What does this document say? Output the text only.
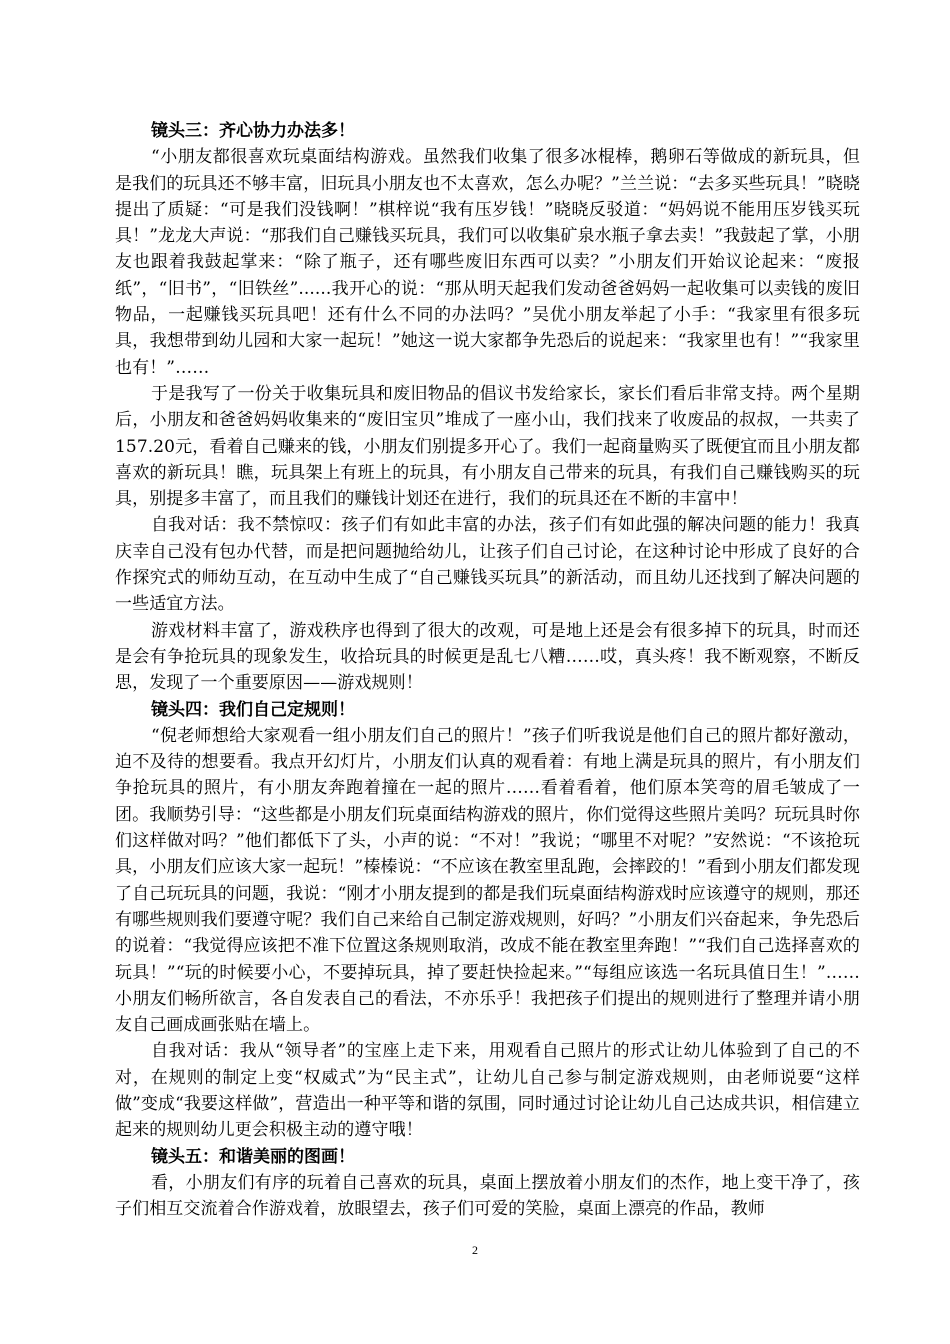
镜头三：齐心协力办法多！

“小朋友都很喜欢玩桌面结构游戏。虽然我们收集了很多冰棍棒，鹅卵石等做成的新玩具，但是我们的玩具还不够丰富，旧玩具小朋友也不太喜欢，怎么办呢？”兰兰说：“去多买些玩具！”晓晓提出了质疑：“可是我们没钱啊！”棋梓说“我有压岁钱！”晓晓反驳道：“妈妈说不能用压岁钱买玩具！”龙龙大声说：“那我们自己赚钱买玩具，我们可以收集矿泉水瓶子拿去卖！”我鼓起了掌，小朋友也跟着我鼓起掌来：“除了瓶子，还有哪些废旧东西可以卖？”小朋友们开始议论起来：“废报纸”，“旧书”，“旧铁丝”......我开心的说：“那从明天起我们发动爸爸妈妈一起收集可以卖钱的废旧物品，一起赚钱买玩具吧！还有什么不同的办法吗？”吴优小朋友举起了小手：“我家里有很多玩具，我想带到幼儿园和大家一起玩！”她这一说大家都争先恐后的说起来：“我家里也有！”“我家里也有！”……

于是我写了一份关于收集玩具和废旧物品的倡议书发给家长，家长们看后非常支持。两个星期后，小朋友和爸爸妈妈收集来的“废旧宝贝”堆成了一座小山，我们找来了收废品的叔叔，一共卖了157.20元，看着自己赚来的钱，小朋友们别提多开心了。我们一起商量购买了既便宜而且小朋友都喜欢的新玩具！瞧，玩具架上有班上的玩具，有小朋友自己带来的玩具，有我们自己赚钱购买的玩具，别提多丰富了，而且我们的赚钱计划还在进行，我们的玩具还在不断的丰富中！

自我对话：我不禁惊叹：孩子们有如此丰富的办法，孩子们有如此强的解决问题的能力！我真庆幸自己没有包办代替，而是把问题抛给幼儿，让孩子们自己讨论，在这种讨论中形成了良好的合作探究式的师幼互动，在互动中生成了“自己赚钱买玩具”的新活动，而且幼儿还找到了解决问题的一些适宜方法。

游戏材料丰富了，游戏秩序也得到了很大的改观，可是地上还是会有很多掉下的玩具，时而还是会有争抢玩具的现象发生，收拾玩具的时候更是乱七八糟……哎，真头疼！我不断观察，不断反思，发现了一个重要原因——游戏规则！

镜头四：我们自己定规则！

“倪老师想给大家观看一组小朋友们自己的照片！”孩子们听我说是他们自己的照片都好激动，迫不及待的想要看。我点开幻灯片，小朋友们认真的观看着：有地上满是玩具的照片，有小朋友们争抢玩具的照片，有小朋友奔跑着撞在一起的照片……看着看着，他们原本笑弯的眉毛皱成了一团。我顺势引导：“这些都是小朋友们玩桌面结构游戏的照片，你们觉得这些照片美吗？玩玩具时你们这样做对吗？”他们都低下了头，小声的说：“不对！”我说；“哪里不对呢？”安然说：“不该抢玩具，小朋友们应该大家一起玩！”榛榛说：“不应该在教室里乱跑，会摔跤的！”看到小朋友们都发现了自己玩玩具的问题，我说：“刚才小朋友提到的都是我们玩桌面结构游戏时应该遵守的规则，那还有哪些规则我们要遵守呢？我们自己来给自己制定游戏规则，好吗？”小朋友们兴奋起来，争先恐后的说着：“我觉得应该把不准下位置这条规则取消，改成不能在教室里奔跑！”“我们自己选择喜欢的玩具！”“玩的时候要小心，不要掉玩具，掉了要赶快捡起来。”“每组应该选一名玩具值日生！”……小朋友们畅所欲言，各自发表自己的看法，不亦乐乎！我把孩子们提出的规则进行了整理并请小朋友自己画成画张贴在墙上。

自我对话：我从“领导者”的宝座上走下来，用观看自己照片的形式让幼儿体验到了自己的不对，在规则的制定上变“权威式”为“民主式”，让幼儿自己参与制定游戏规则，由老师说要“这样做”变成“我要这样做”，营造出一种平等和谐的氛围，同时通过讨论让幼儿自己达成共识，相信建立起来的规则幼儿更会积极主动的遵守哦！

镜头五：和谐美丽的图画！

看，小朋友们有序的玩着自己喜欢的玩具，桌面上摆放着小朋友们的杰作，地上变干净了，孩子们相互交流着合作游戏着，放眼望去，孩子们可爱的笑脸，桌面上漂亮的作品，教师

2
